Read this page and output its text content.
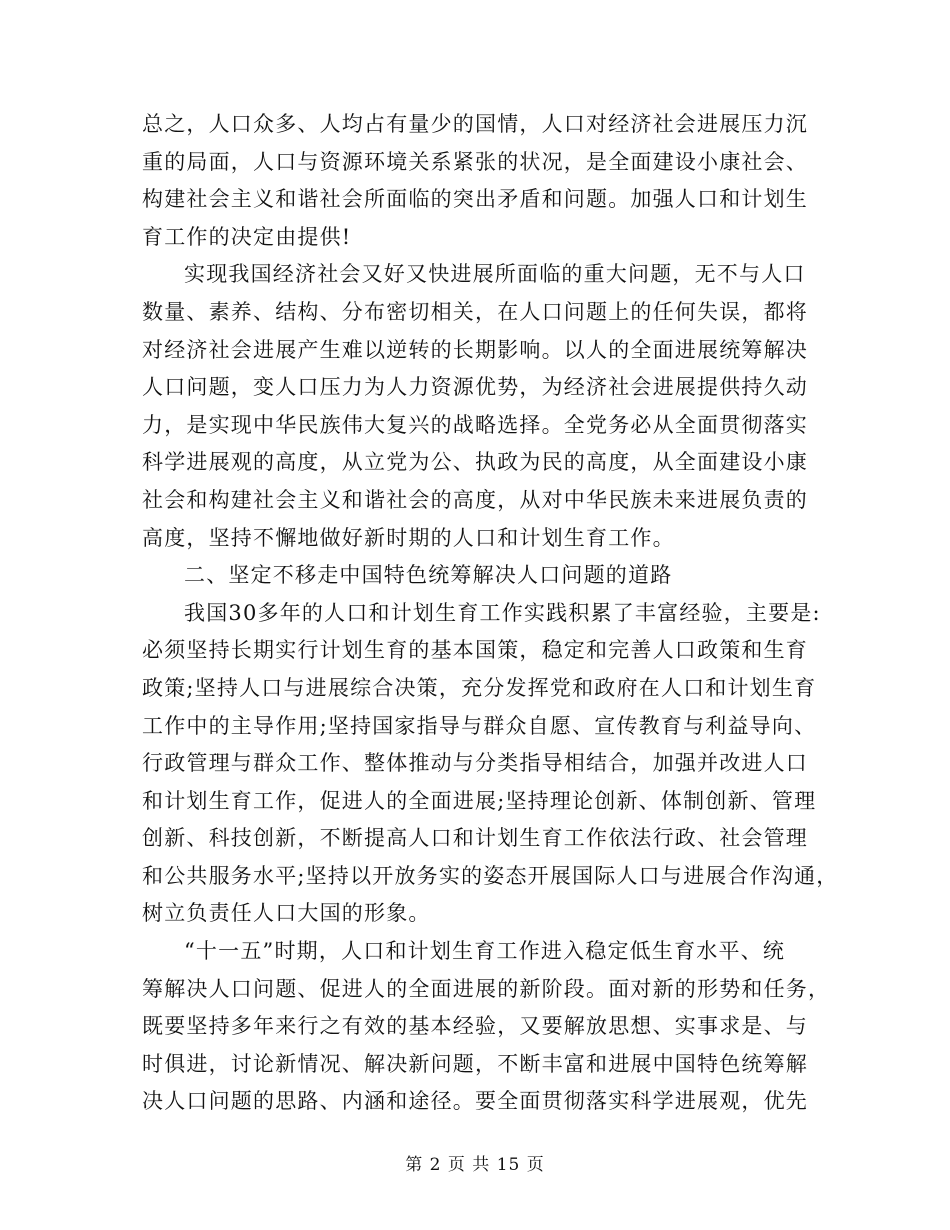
总之，人口众多、人均占有量少的国情，人口对经济社会进展压力沉
重的局面，人口与资源环境关系紧张的状况，是全面建设小康社会、
构建社会主义和谐社会所面临的突出矛盾和问题。加强人口和计划生
育工作的决定由提供!
实现我国经济社会又好又快进展所面临的重大问题，无不与人口
数量、素养、结构、分布密切相关，在人口问题上的任何失误，都将
对经济社会进展产生难以逆转的长期影响。以人的全面进展统筹解决
人口问题，变人口压力为人力资源优势，为经济社会进展提供持久动
力，是实现中华民族伟大复兴的战略选择。全党务必从全面贯彻落实
科学进展观的高度，从立党为公、执政为民的高度，从全面建设小康
社会和构建社会主义和谐社会的高度，从对中华民族未来进展负责的
高度，坚持不懈地做好新时期的人口和计划生育工作。
二、坚定不移走中国特色统筹解决人口问题的道路
我国30多年的人口和计划生育工作实践积累了丰富经验，主要是:
必须坚持长期实行计划生育的基本国策，稳定和完善人口政策和生育
政策;坚持人口与进展综合决策，充分发挥党和政府在人口和计划生育
工作中的主导作用;坚持国家指导与群众自愿、宣传教育与利益导向、
行政管理与群众工作、整体推动与分类指导相结合，加强并改进人口
和计划生育工作，促进人的全面进展;坚持理论创新、体制创新、管理
创新、科技创新，不断提高人口和计划生育工作依法行政、社会管理
和公共服务水平;坚持以开放务实的姿态开展国际人口与进展合作沟通，
树立负责任人口大国的形象。
“十一五”时期，人口和计划生育工作进入稳定低生育水平、统
筹解决人口问题、促进人的全面进展的新阶段。面对新的形势和任务，
既要坚持多年来行之有效的基本经验，又要解放思想、实事求是、与
时俱进，讨论新情况、解决新问题，不断丰富和进展中国特色统筹解
决人口问题的思路、内涵和途径。要全面贯彻落实科学进展观，优先
第 2 页 共 15 页
